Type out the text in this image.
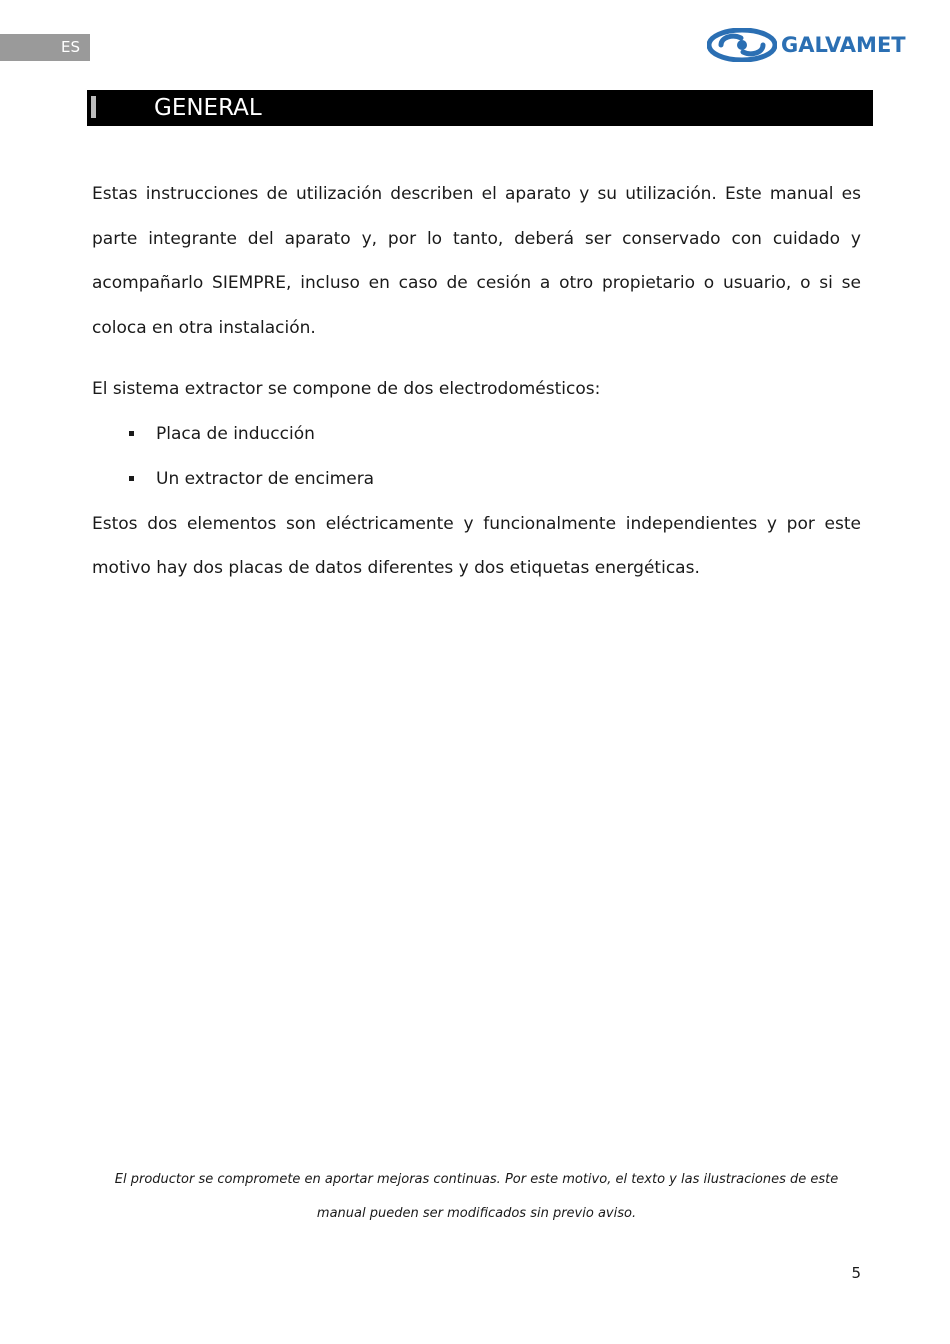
ES	GALVAMET
GENERAL

Estas instrucciones de utilización describen el aparato y su utilización. Este manual es parte integrante del aparato y, por lo tanto, deberá ser conservado con cuidado y acompañarlo SIEMPRE, incluso en caso de cesión a otro propietario o usuario, o si se coloca en otra instalación.

El sistema extractor se compone de dos electrodomésticos:

Placa de inducción
Un extractor de encimera

Estos dos elementos son eléctricamente y funcionalmente independientes y por este motivo hay dos placas de datos diferentes y dos etiquetas energéticas.

El productor se compromete en aportar mejoras continuas. Por este motivo, el texto y las ilustraciones de este manual pueden ser modificados sin previo aviso.
5
